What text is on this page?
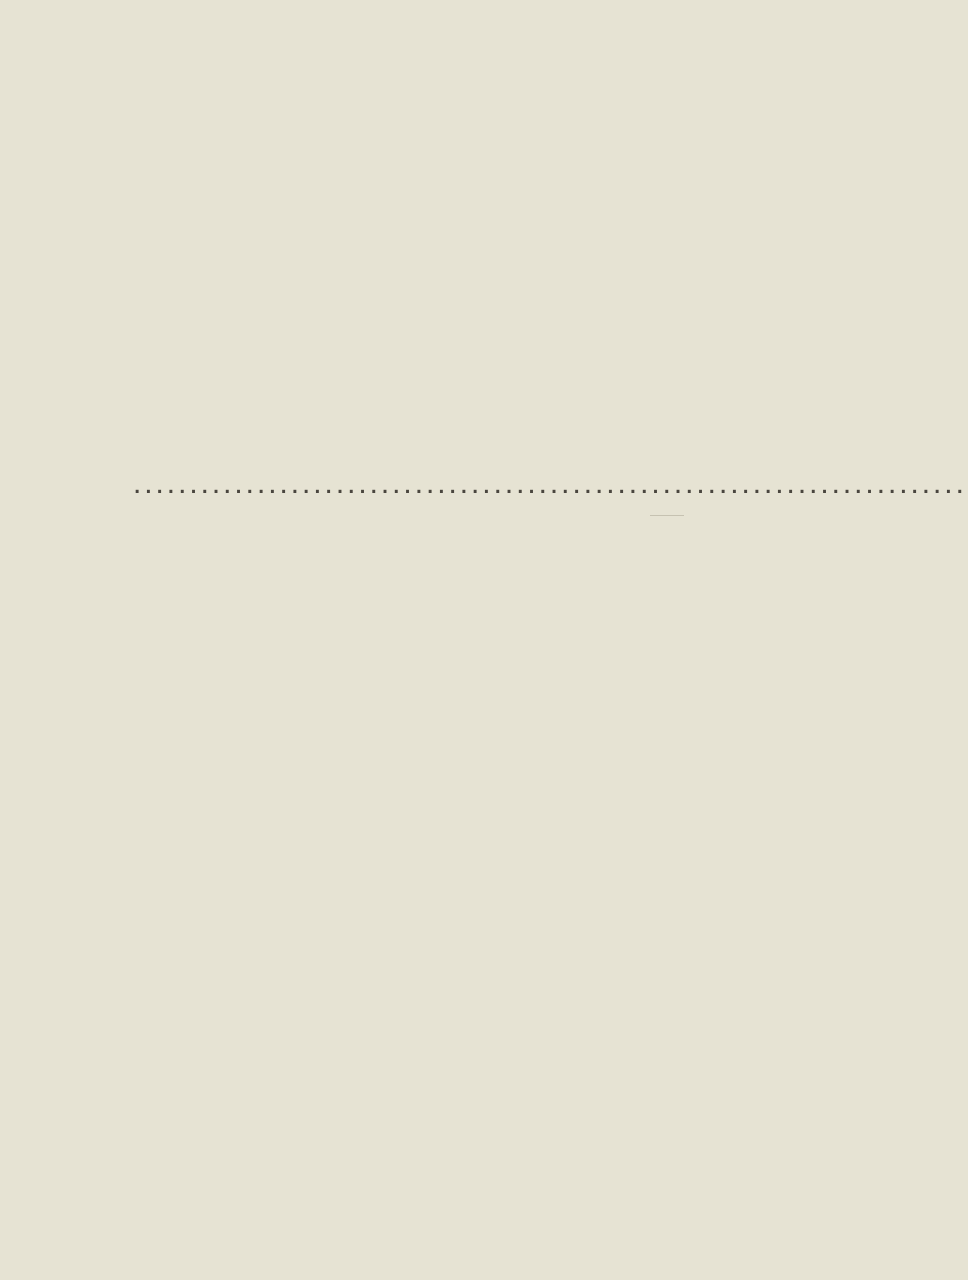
..........................................................................
